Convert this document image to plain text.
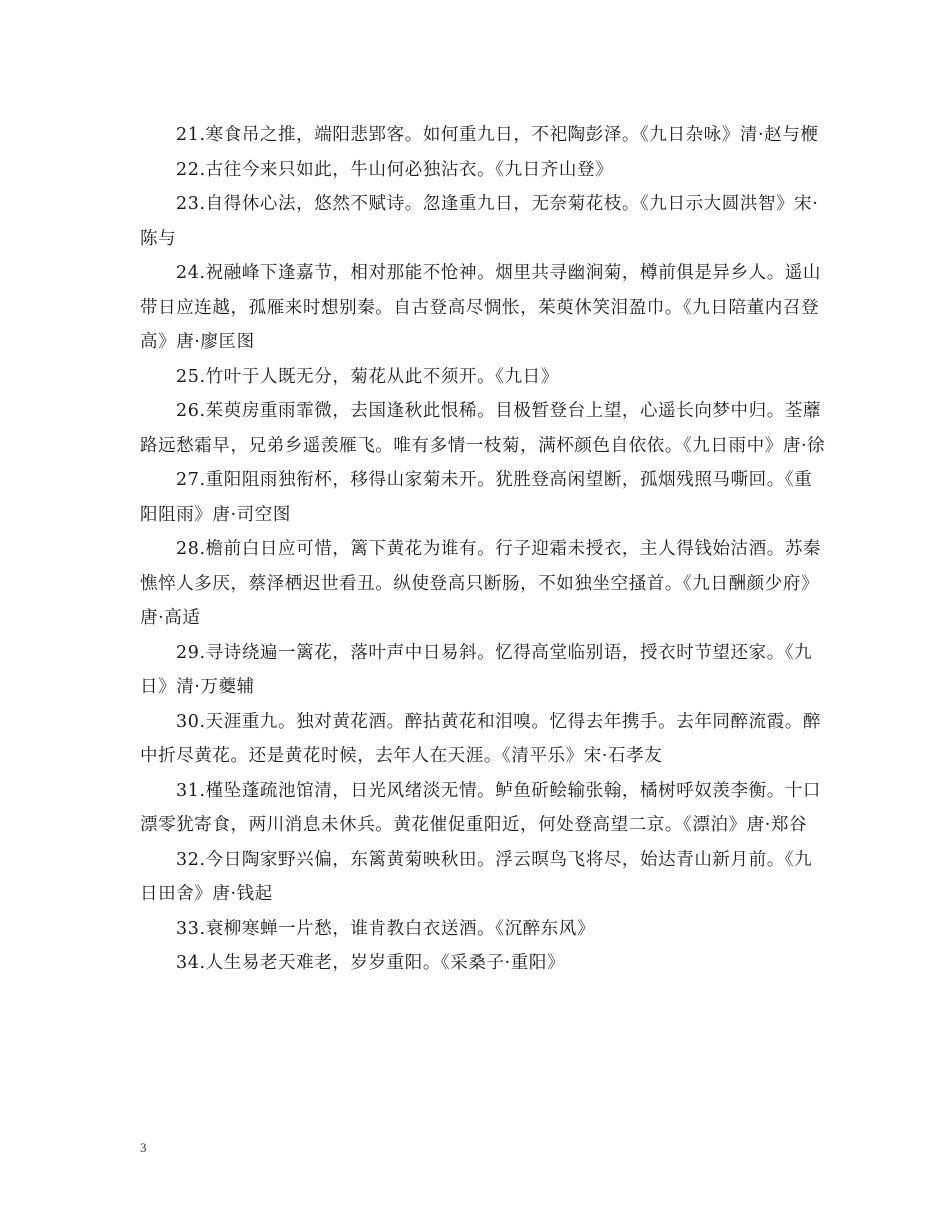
21.寒食吊之推，端阳悲郢客。如何重九日，不祀陶彭泽。《九日杂咏》清·赵与楩

22.古往今来只如此，牛山何必独沾衣。《九日齐山登》

23.自得休心法，悠然不赋诗。忽逢重九日，无奈菊花枝。《九日示大圆洪智》宋·陈与

24.祝融峰下逢嘉节，相对那能不怆神。烟里共寻幽涧菊，樽前俱是异乡人。遥山带日应连越，孤雁来时想别秦。自古登高尽惆怅，茱萸休笑泪盈巾。《九日陪董内召登高》唐·廖匡图

25.竹叶于人既无分，菊花从此不须开。《九日》

26.茱萸房重雨霏微，去国逢秋此恨稀。目极暂登台上望，心遥长向梦中归。荃蘼路远愁霜早，兄弟乡遥羡雁飞。唯有多情一枝菊，满杯颜色自依依。《九日雨中》唐·徐

27.重阳阻雨独衔杯，移得山家菊未开。犹胜登高闲望断，孤烟残照马嘶回。《重阳阻雨》唐·司空图

28.檐前白日应可惜，篱下黄花为谁有。行子迎霜未授衣，主人得钱始沽酒。苏秦憔悴人多厌，蔡泽栖迟世看丑。纵使登高只断肠，不如独坐空搔首。《九日酬颜少府》唐·高适

29.寻诗绕遍一篱花，落叶声中日易斜。忆得高堂临别语，授衣时节望还家。《九日》清·万夔辅

30.天涯重九。独对黄花酒。醉拈黄花和泪嗅。忆得去年携手。去年同醉流霞。醉中折尽黄花。还是黄花时候，去年人在天涯。《清平乐》宋·石孝友

31.槿坠蓬疏池馆清，日光风绪淡无情。鲈鱼斫鲙输张翰，橘树呼奴羡李衡。十口漂零犹寄食，两川消息未休兵。黄花催促重阳近，何处登高望二京。《漂泊》唐·郑谷

32.今日陶家野兴偏，东篱黄菊映秋田。浮云暝鸟飞将尽，始达青山新月前。《九日田舍》唐·钱起

33.衰柳寒蝉一片愁，谁肯教白衣送酒。《沉醉东风》

34.人生易老天难老，岁岁重阳。《采桑子·重阳》

3
